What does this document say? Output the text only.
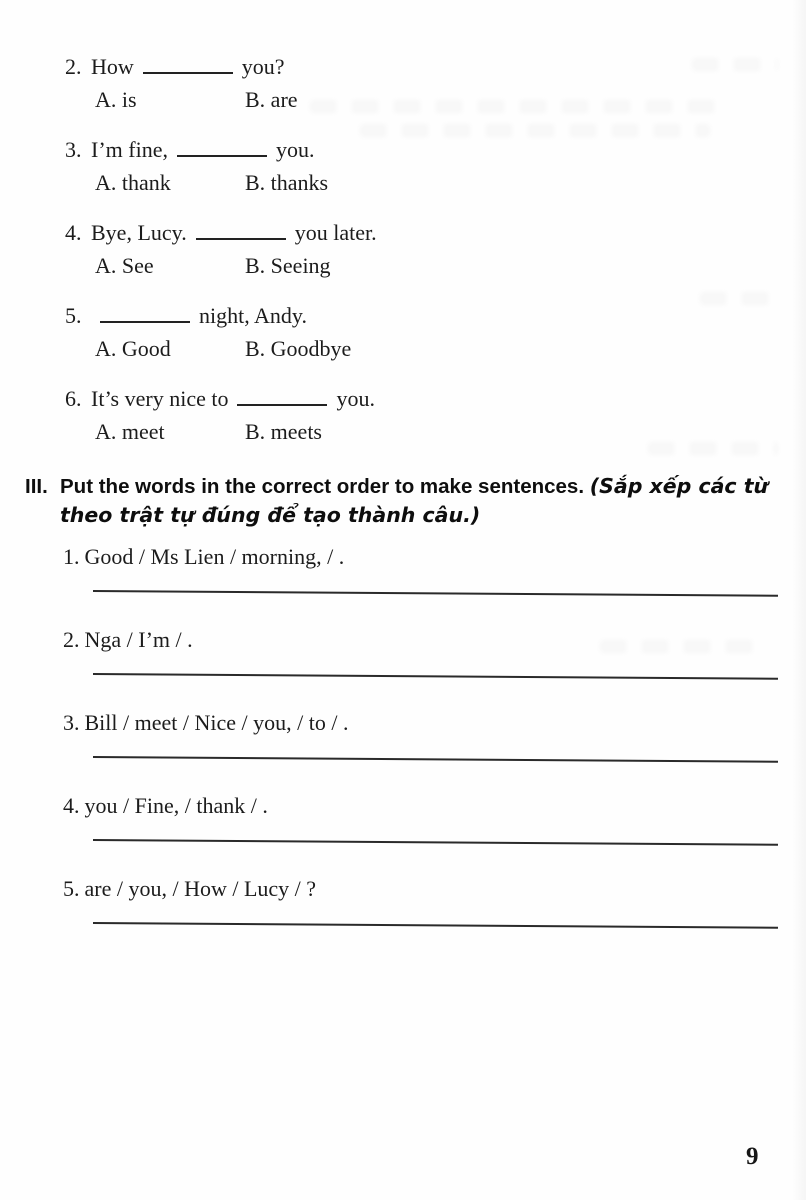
2. How	you?
A. is	B. are
3. I’m fine,	you.
A. thank	B. thanks
4. Bye, Lucy.	you later.
A. See	B. Seeing
5.	night, Andy.
A. Good	B. Goodbye
6. It’s very nice to	you.
A. meet	B. meets
III. Put the words in the correct order to make sentences. (Sắp xếp các từ
theo trật tự đúng để tạo thành câu.)
1. Good / Ms Lien / morning, / .
2. Nga / I’m / .
3. Bill / meet / Nice / you, / to / .
4. you / Fine, / thank / .
5. are / you, / How / Lucy / ?
9
